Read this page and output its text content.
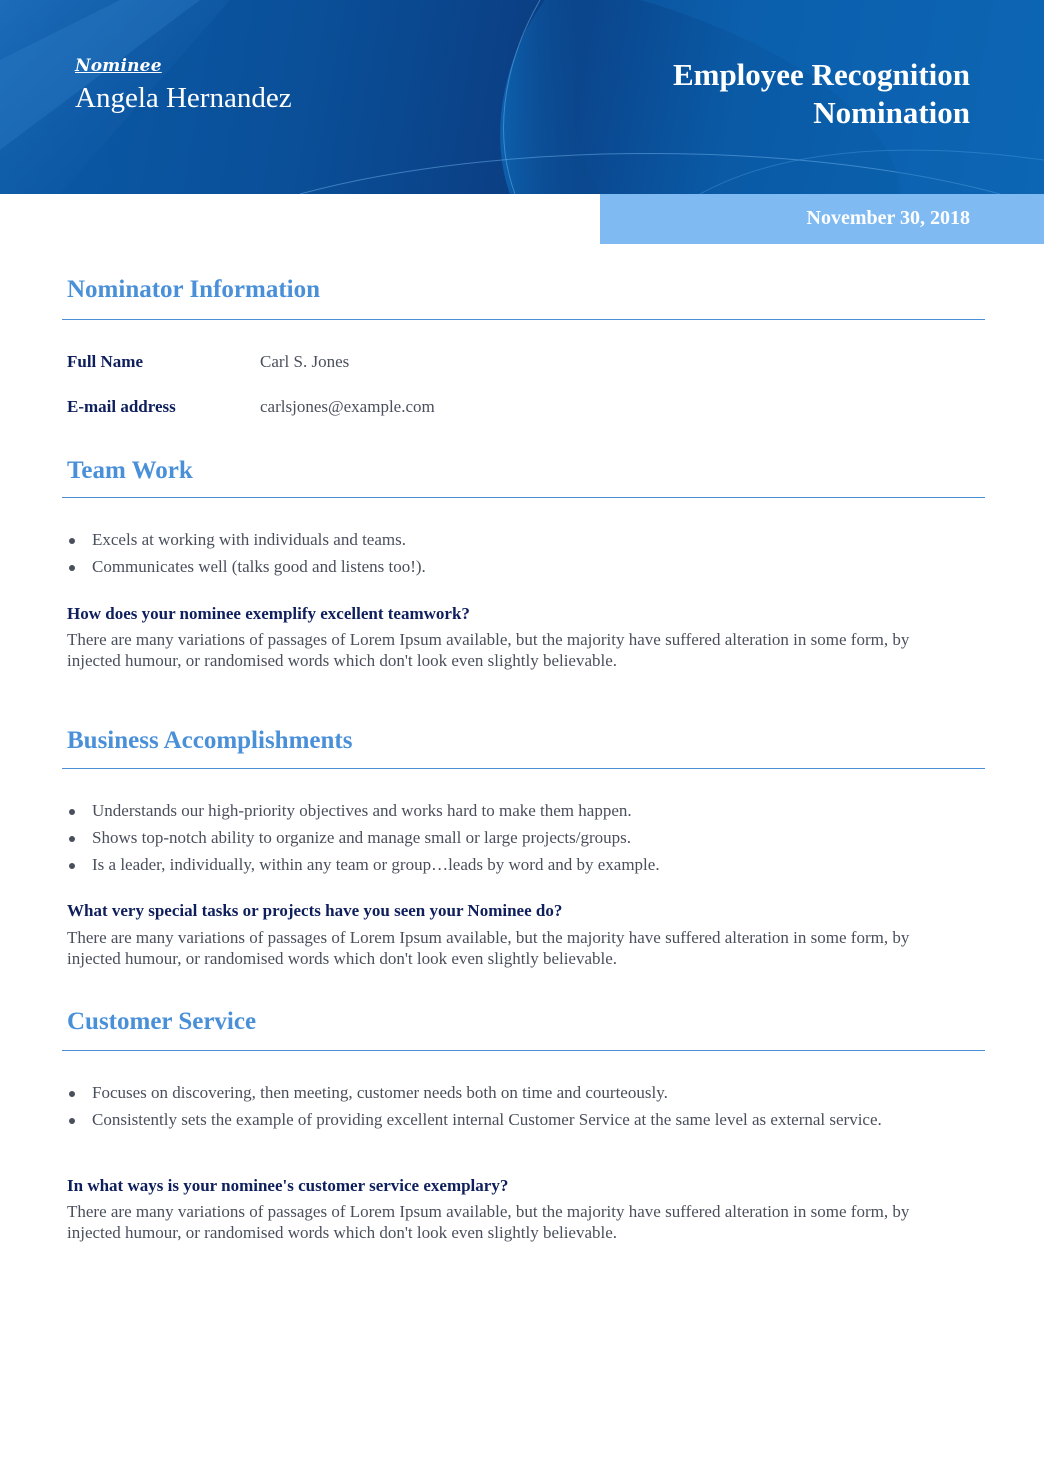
Nominee
Angela Hernandez
Employee Recognition
Nomination
November 30, 2018
Nominator Information
Full Name	Carl S. Jones
E-mail address	carlsjones@example.com
Team Work
Excels at working with individuals and teams.
Communicates well (talks good and listens too!).
How does your nominee exemplify excellent teamwork?
There are many variations of passages of Lorem Ipsum available, but the majority have suffered alteration in some form, by injected humour, or randomised words which don't look even slightly believable.
Business Accomplishments
Understands our high-priority objectives and works hard to make them happen.
Shows top-notch ability to organize and manage small or large projects/groups.
Is a leader, individually, within any team or group…leads by word and by example.
What very special tasks or projects have you seen your Nominee do?
There are many variations of passages of Lorem Ipsum available, but the majority have suffered alteration in some form, by injected humour, or randomised words which don't look even slightly believable.
Customer Service
Focuses on discovering, then meeting, customer needs both on time and courteously.
Consistently sets the example of providing excellent internal Customer Service at the same level as external service.
In what ways is your nominee's customer service exemplary?
There are many variations of passages of Lorem Ipsum available, but the majority have suffered alteration in some form, by injected humour, or randomised words which don't look even slightly believable.
